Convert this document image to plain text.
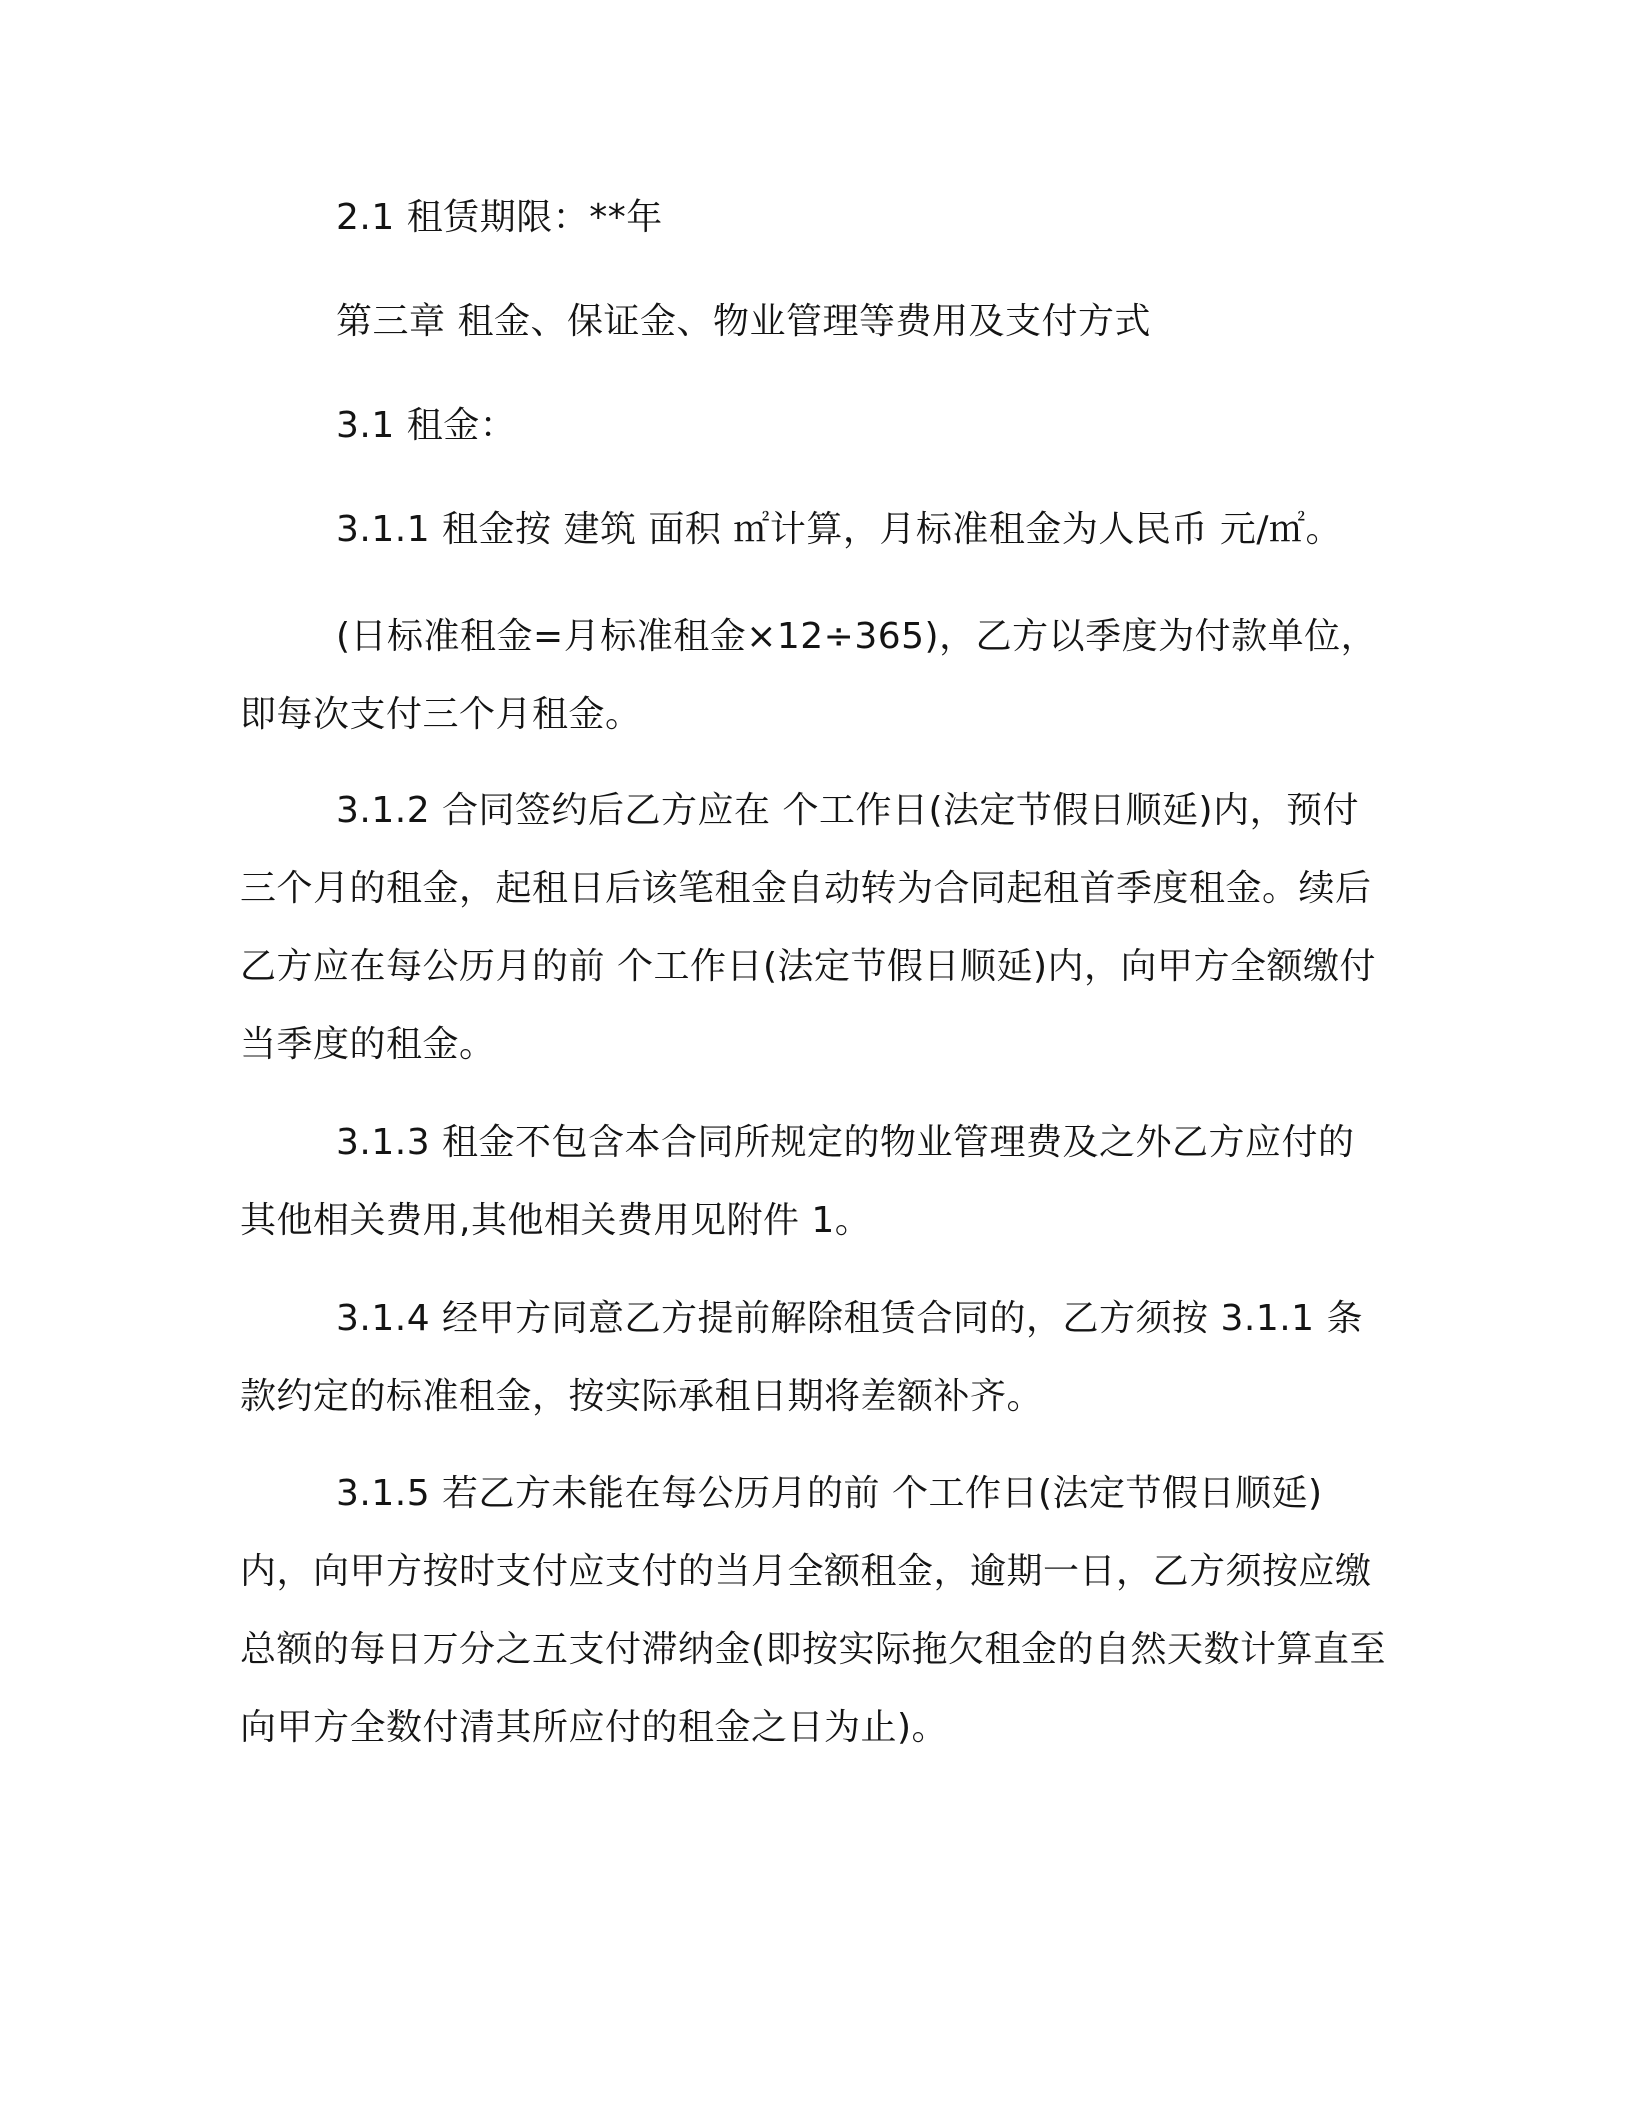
2.1 租赁期限：**年
第三章 租金、保证金、物业管理等费用及支付方式
3.1 租金：
3.1.1 租金按 建筑 面积 ㎡计算，月标准租金为人民币 元/㎡。
(日标准租金=月标准租金×12÷365)，乙方以季度为付款单位，即每次支付三个月租金。
3.1.2 合同签约后乙方应在 个工作日(法定节假日顺延)内，预付三个月的租金，起租日后该笔租金自动转为合同起租首季度租金。续后乙方应在每公历月的前 个工作日(法定节假日顺延)内，向甲方全额缴付当季度的租金。
3.1.3 租金不包含本合同所规定的物业管理费及之外乙方应付的其他相关费用,其他相关费用见附件 1。
3.1.4 经甲方同意乙方提前解除租赁合同的，乙方须按 3.1.1 条款约定的标准租金，按实际承租日期将差额补齐。
3.1.5 若乙方未能在每公历月的前 个工作日(法定节假日顺延)内，向甲方按时支付应支付的当月全额租金，逾期一日，乙方须按应缴总额的每日万分之五支付滞纳金(即按实际拖欠租金的自然天数计算直至向甲方全数付清其所应付的租金之日为止)。
